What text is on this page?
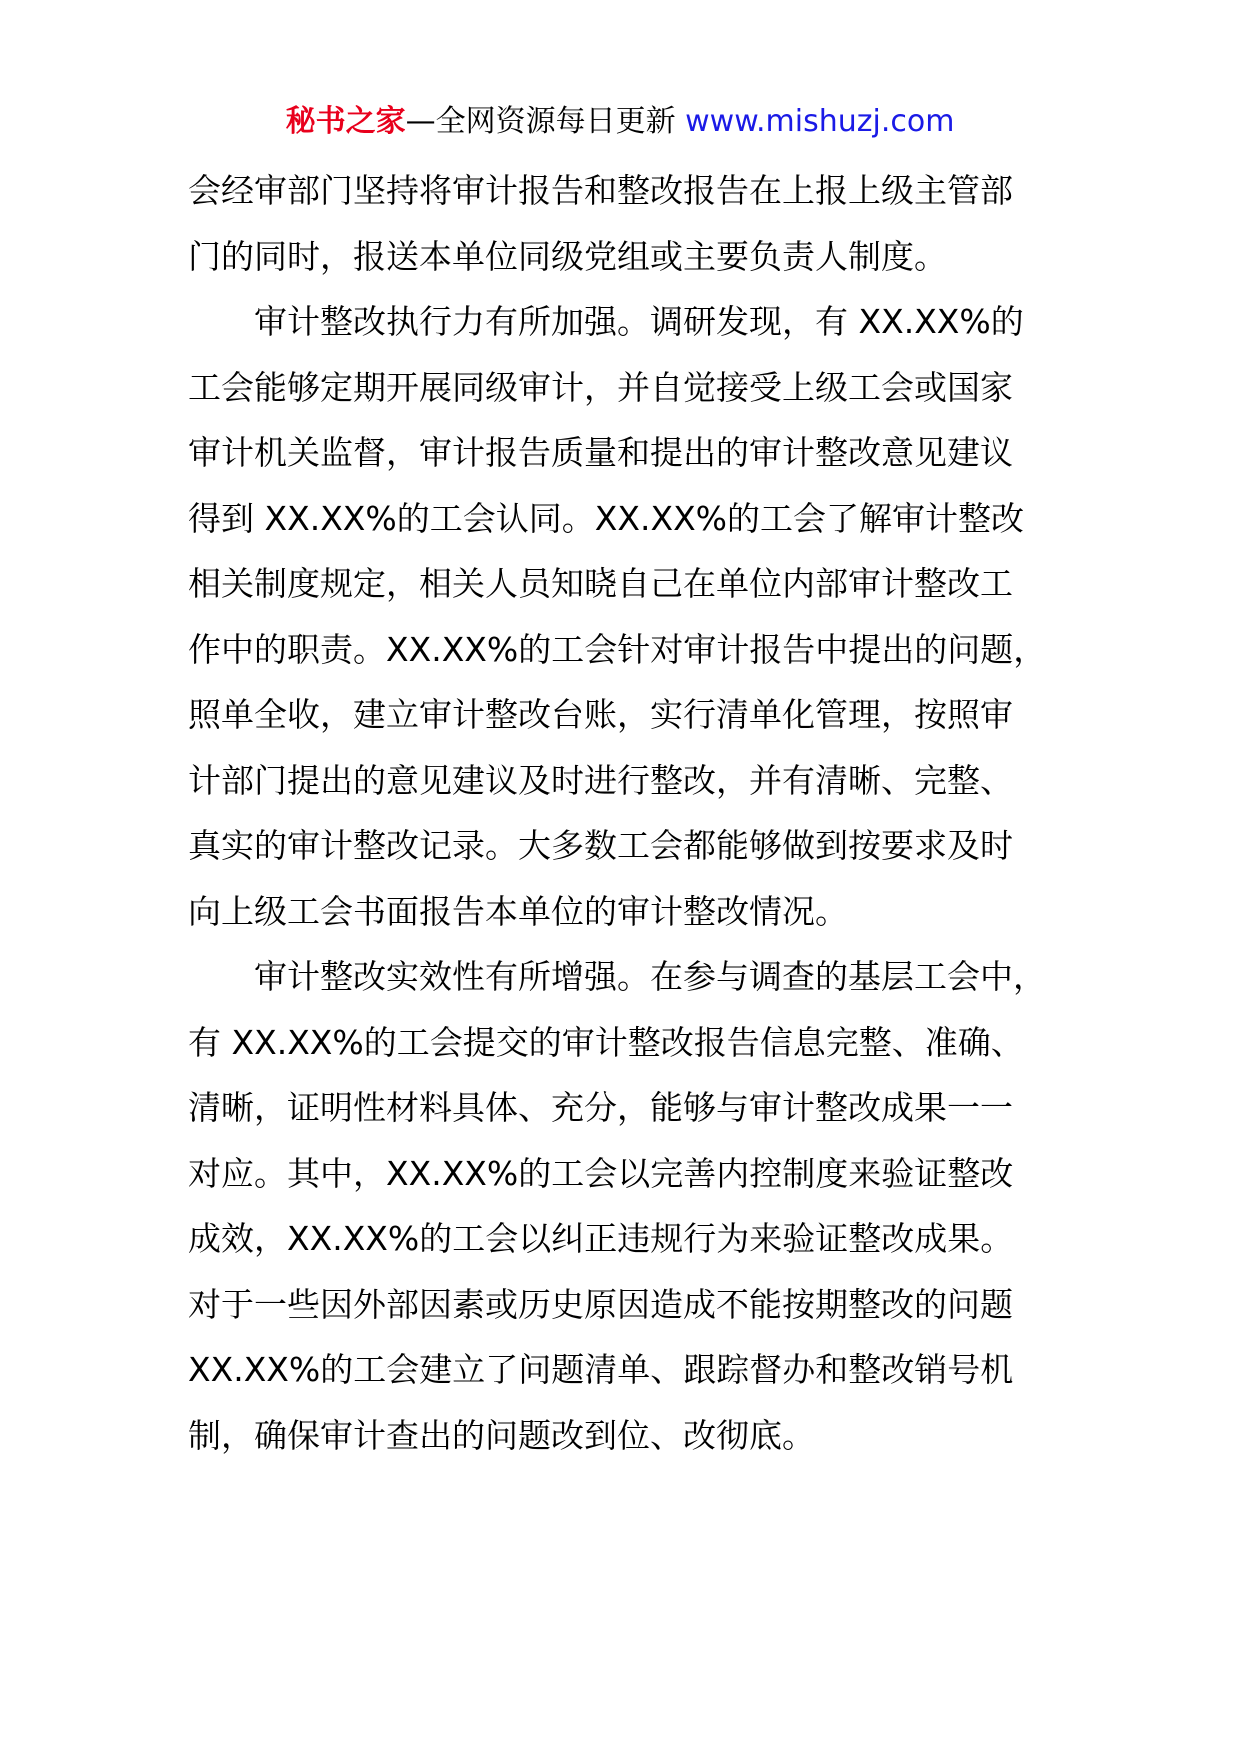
秘书之家—全网资源每日更新 www.mishuzj.com
会经审部门坚持将审计报告和整改报告在上报上级主管部
门的同时，报送本单位同级党组或主要负责人制度。
审计整改执行力有所加强。调研发现，有 XX.XX%的
工会能够定期开展同级审计，并自觉接受上级工会或国家
审计机关监督，审计报告质量和提出的审计整改意见建议
得到 XX.XX%的工会认同。XX.XX%的工会了解审计整改
相关制度规定，相关人员知晓自己在单位内部审计整改工
作中的职责。XX.XX%的工会针对审计报告中提出的问题，
照单全收，建立审计整改台账，实行清单化管理，按照审
计部门提出的意见建议及时进行整改，并有清晰、完整、
真实的审计整改记录。大多数工会都能够做到按要求及时
向上级工会书面报告本单位的审计整改情况。
审计整改实效性有所增强。在参与调查的基层工会中，
有 XX.XX%的工会提交的审计整改报告信息完整、准确、
清晰，证明性材料具体、充分，能够与审计整改成果一一
对应。其中，XX.XX%的工会以完善内控制度来验证整改
成效，XX.XX%的工会以纠正违规行为来验证整改成果。
对于一些因外部因素或历史原因造成不能按期整改的问题
XX.XX%的工会建立了问题清单、跟踪督办和整改销号机
制，确保审计查出的问题改到位、改彻底。
